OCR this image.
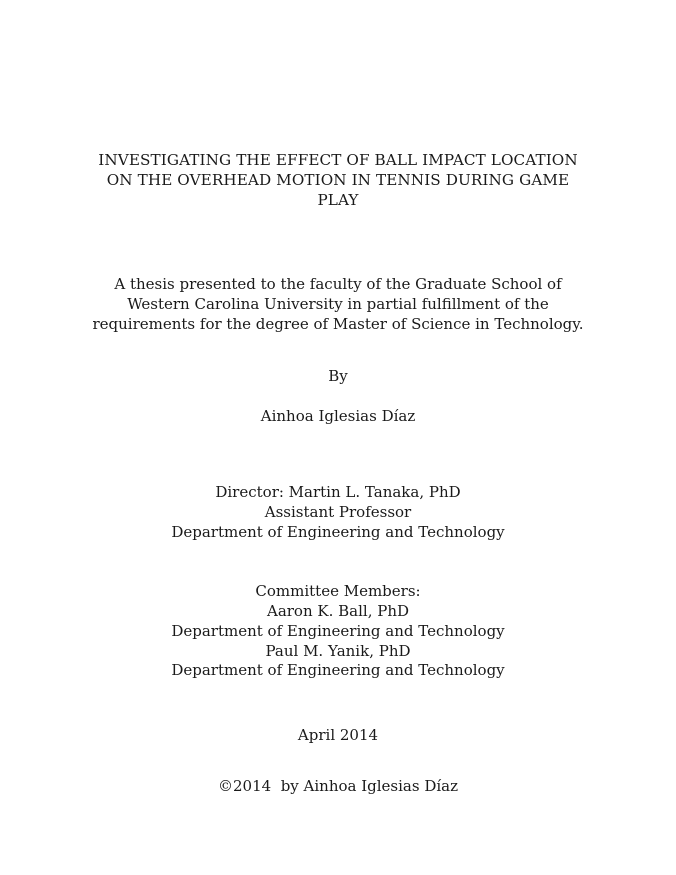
INVESTIGATING THE EFFECT OF BALL IMPACT LOCATION
ON THE OVERHEAD MOTION IN TENNIS DURING GAME
PLAY
A thesis presented to the faculty of the Graduate School of
Western Carolina University in partial fulfillment of the
requirements for the degree of Master of Science in Technology.
By
Ainhoa Iglesias Díaz
Director: Martin L. Tanaka, PhD
Assistant Professor
Department of Engineering and Technology
Committee Members:
Aaron K. Ball, PhD
Department of Engineering and Technology
Paul M. Yanik, PhD
Department of Engineering and Technology
April 2014
©2014  by Ainhoa Iglesias Díaz
